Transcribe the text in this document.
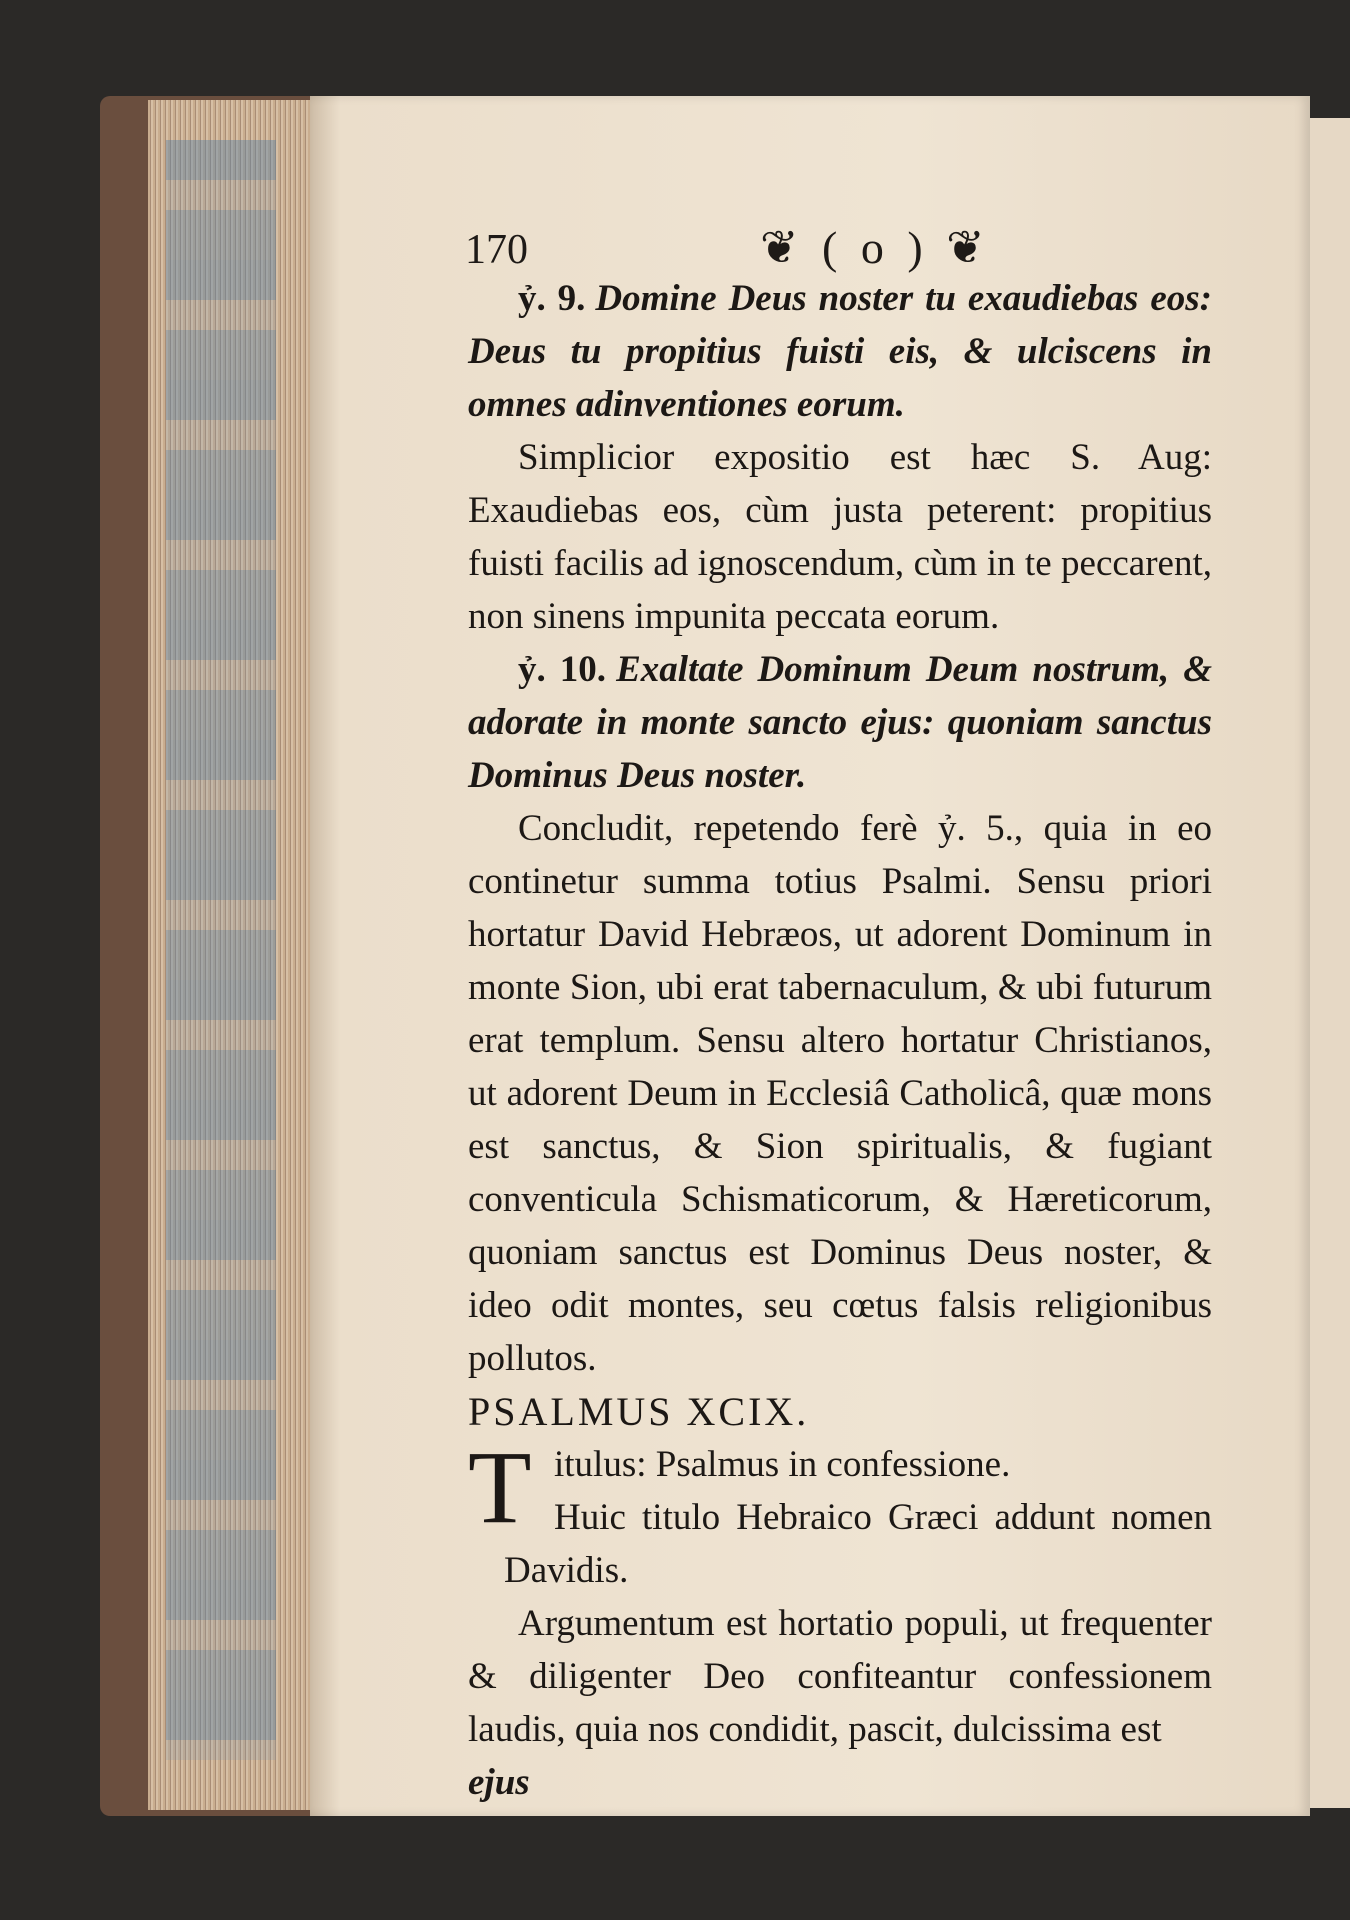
170	❦ ( o ) ❦

ỷ. 9. Domine Deus noster tu exaudiebas eos: Deus tu propitius fuisti eis, & ulciscens in omnes adinventiones eorum.

Simplicior expositio est hæc S. Aug: Exaudiebas eos, cùm justa peterent: propitius fuisti facilis ad ignoscendum, cùm in te peccarent, non sinens impunita peccata eorum.

ỷ. 10. Exaltate Dominum Deum nostrum, & adorate in monte sancto ejus: quoniam sanctus Dominus Deus noster.

Concludit, repetendo ferè ỷ. 5., quia in eo continetur summa totius Psalmi. Sensu priori hortatur David Hebræos, ut adorent Dominum in monte Sion, ubi erat tabernaculum, & ubi futurum erat templum. Sensu altero hortatur Christianos, ut adorent Deum in Ecclesiâ Catholicâ, quæ mons est sanctus, & Sion spiritualis, & fugiant conventicula Schismaticorum, & Hæreticorum, quoniam sanctus est Dominus Deus noster, & ideo odit montes, seu cœtus falsis religionibus pollutos.

PSALMUS XCIX.

T itulus: Psalmus in confessione.

Huic titulo Hebraico Græci addunt nomen Davidis.

Argumentum est hortatio populi, ut frequenter & diligenter Deo confiteantur confessionem laudis, quia nos condidit, pascit, dulcissima est

ejus
